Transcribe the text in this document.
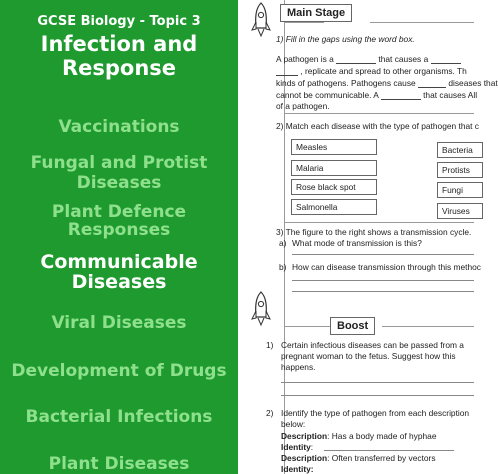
GCSE Biology - Topic 3
Infection and
Response
Vaccinations
Fungal and Protist
Diseases
Plant Defence
Responses
Communicable
Diseases
Viral Diseases
Development of Drugs
Bacterial Infections
Plant Diseases
Main Stage
1) Fill in the gaps using the word box.
A pathogen is a	that causes a
, replicate and spread to other organisms. Th
kinds of pathogens. Pathogens cause	diseases that
cannot be communicable. A	that causes All
of a pathogen.
2) Match each disease with the type of pathogen that c
Measles
Malaria
Rose black spot
Salmonella
Bacteria
Protists
Fungi
Viruses
3) The figure to the right shows a transmission cycle.
a) What mode of transmission is this?
b) How can disease transmission through this methoc
Boost
1) Certain infectious diseases can be passed from a
pregnant woman to the fetus. Suggest how this
happens.
2) Identify the type of pathogen from each description
below:
Description: Has a body made of hyphae
Identity:
Description: Often transferred by vectors
Identity:
